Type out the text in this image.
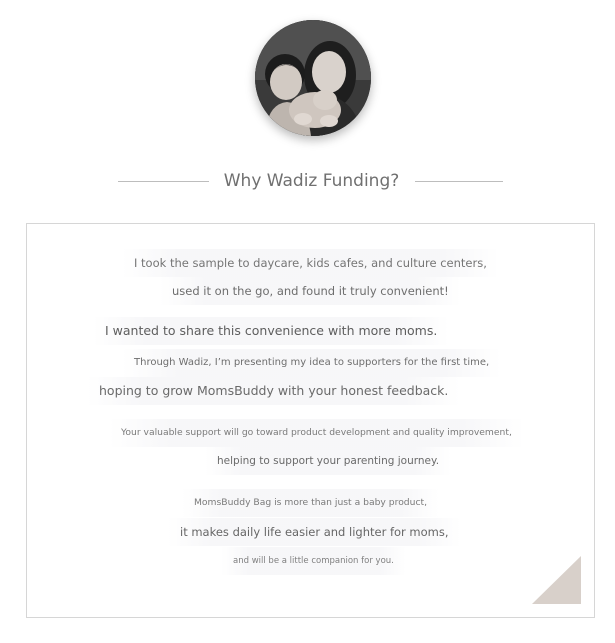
Why Wadiz Funding?
I took the sample to daycare, kids cafes, and culture centers,
used it on the go, and found it truly convenient!
I wanted to share this convenience with more moms.
Through Wadiz, I’m presenting my idea to supporters for the first time,
hoping to grow MomsBuddy with your honest feedback.
Your valuable support will go toward product development and quality improvement,
helping to support your parenting journey.
MomsBuddy Bag is more than just a baby product,
it makes daily life easier and lighter for moms,
and will be a little companion for you.
